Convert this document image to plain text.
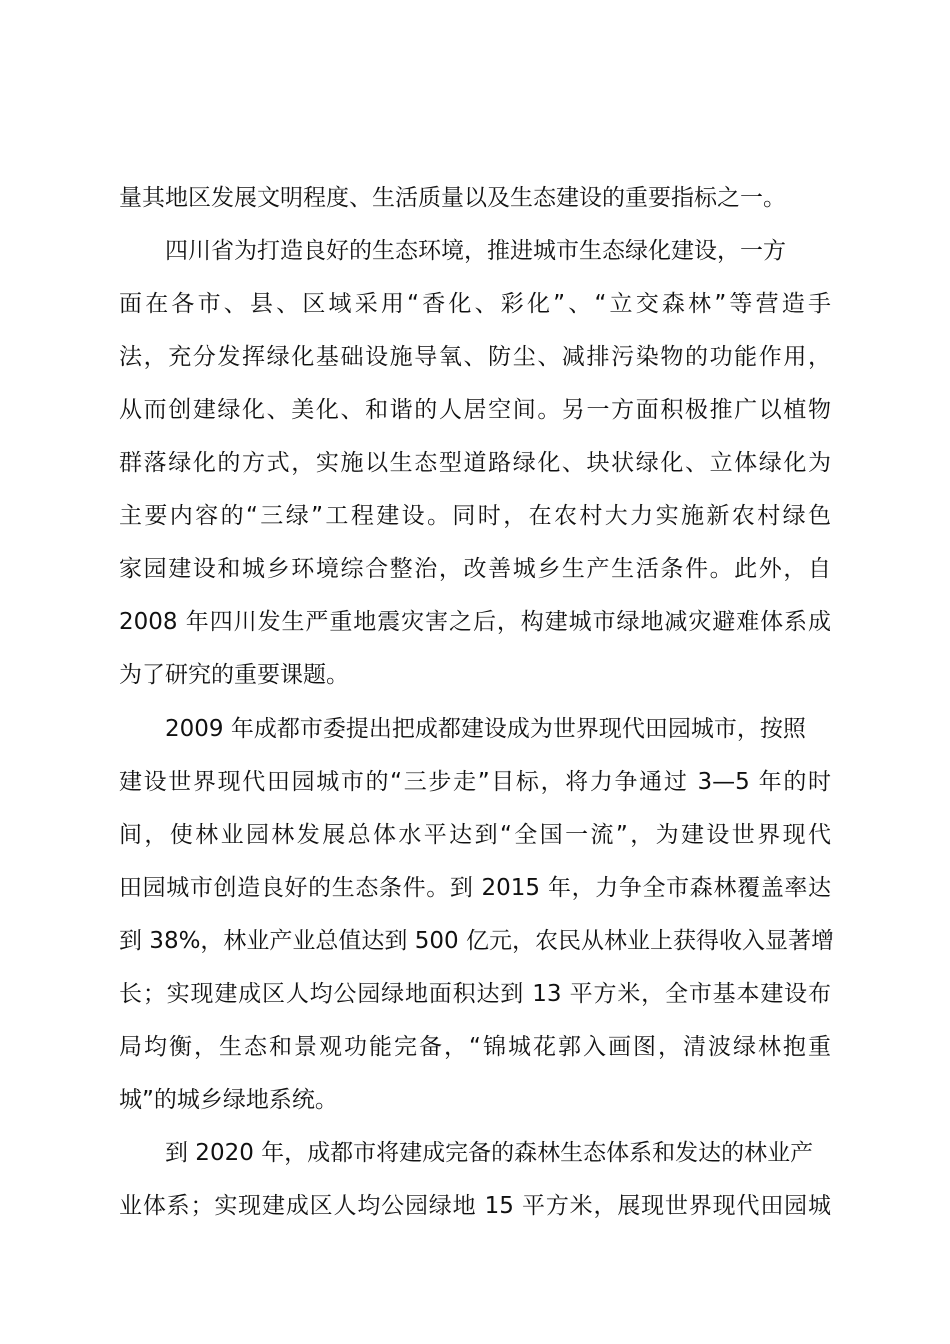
量其地区发展文明程度、生活质量以及生态建设的重要指标之一。
四川省为打造良好的生态环境，推进城市生态绿化建设，一方
面在各市、县、区域采用“香化、彩化”、“立交森林”等营造手
法，充分发挥绿化基础设施导氧、防尘、减排污染物的功能作用，
从而创建绿化、美化、和谐的人居空间。另一方面积极推广以植物
群落绿化的方式，实施以生态型道路绿化、块状绿化、立体绿化为
主要内容的“三绿”工程建设。同时，在农村大力实施新农村绿色
家园建设和城乡环境综合整治，改善城乡生产生活条件。此外，自
2008 年四川发生严重地震灾害之后，构建城市绿地减灾避难体系成
为了研究的重要课题。
2009 年成都市委提出把成都建设成为世界现代田园城市，按照
建设世界现代田园城市的“三步走”目标，将力争通过 3—5 年的时
间，使林业园林发展总体水平达到“全国一流”，为建设世界现代
田园城市创造良好的生态条件。到 2015 年，力争全市森林覆盖率达
到 38%，林业产业总值达到 500 亿元，农民从林业上获得收入显著增
长；实现建成区人均公园绿地面积达到 13 平方米，全市基本建设布
局均衡，生态和景观功能完备，“锦城花郭入画图，清波绿林抱重
城”的城乡绿地系统。
到 2020 年，成都市将建成完备的森林生态体系和发达的林业产
业体系；实现建成区人均公园绿地 15 平方米，展现世界现代田园城
